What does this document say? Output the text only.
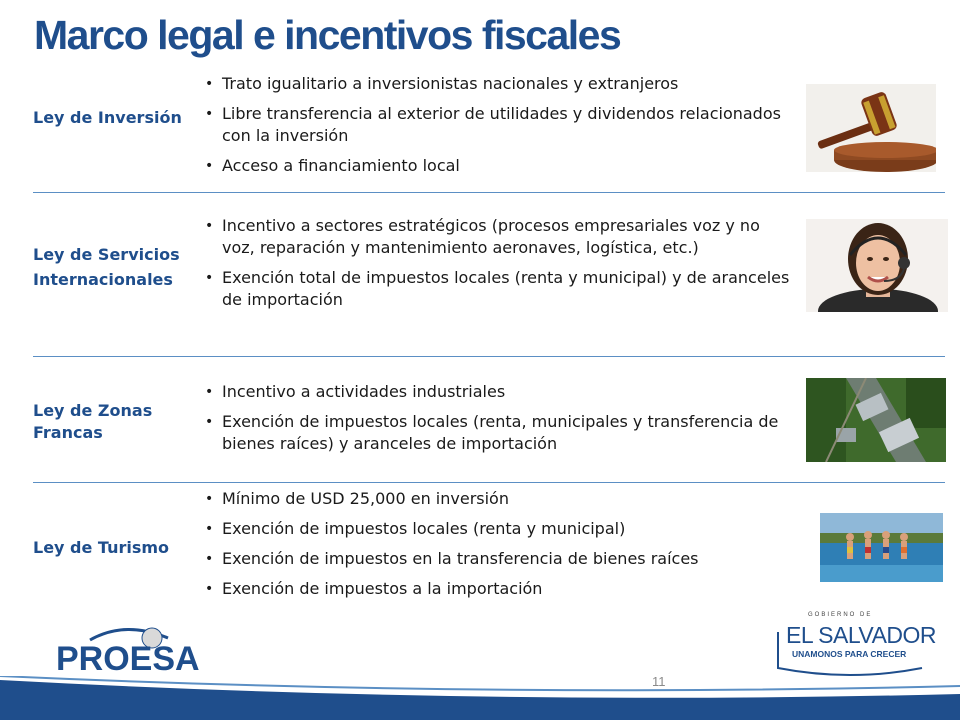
Marco legal e incentivos fiscales
Ley de Inversión
• Trato igualitario a inversionistas nacionales y extranjeros
• Libre transferencia al exterior de utilidades y dividendos relacionados con la inversión
• Acceso a financiamiento local
Ley de Servicios Internacionales
• Incentivo a sectores estratégicos (procesos empresariales voz y no voz, reparación y mantenimiento aeronaves, logística, etc.)
• Exención total de impuestos locales (renta y municipal) y de aranceles de importación
Ley de Zonas Francas
• Incentivo a actividades industriales
• Exención de impuestos locales (renta, municipales y transferencia de bienes raíces) y aranceles de importación
Ley de Turismo
• Mínimo de USD 25,000 en inversión
• Exención de impuestos locales (renta y municipal)
• Exención de impuestos en la transferencia de bienes raíces
• Exención de impuestos a la importación
PROESA
GOBIERNO DE
EL SALVADOR
UNAMONOS PARA CRECER
11
